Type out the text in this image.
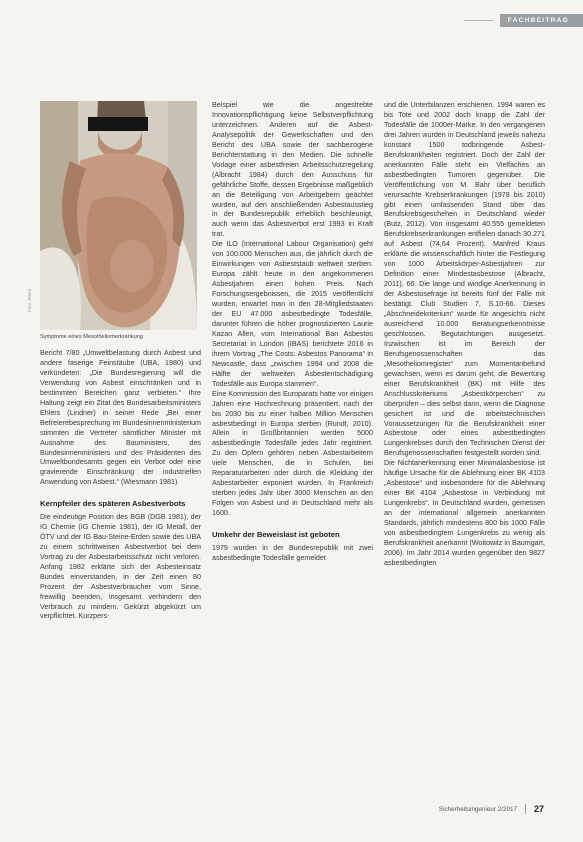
FACHBEITRAG
Foto: Privat
Symptome eines Mesotheliomerkrankung

Bericht 7/80 „Umweltbelastung durch Asbest und andere faserige Feinstäube (UBA, 1980) und verkündeten: „Die Bundesregierung will die Verwendung von Asbest einschränken und in bestimmten Bereichen ganz verbieten.“ Ihre Haltung zeigt ein Zitat des Bundesarbeitsministers Ehlers (Lindner) in seiner Rede „Bei einer Befreierebesprechung im Bundesinnenministerium stimmten die Vertreter sämtlicher Minister mit Ausnahme des Bauministers, des Bundesinnenministers und des Präsidenten des Umweltbundesamts gegen ein Verbot oder eine gravierende Einschränkung der industriellen Anwendung von Asbest.“ (Wiesmann 1981)

Kernpfeiler des späteren Asbestverbots

Die eindeutige Position des BGB (DGB 1981), der IG Chemie (IG Chemie 1981), der IG Metall, der ÖTV und der IG Bau-Steine-Erden sowie des UBA zu einem schrittweisen Asbestverbot bei dem Vortrag zu der Asbestarbeitsschutz nicht verloren. Anfang 1982 erklärte sich der Asbesteinsatz Bundes einverstanden, in der Zeit einen 80 Prozent der Asbestverbraucher vom Sinne, freiwillig beenden, insgesamt verhindern den Verbrauch zu mindern. Gekürzt abgekürzt um verpflichtet. Kurzpers-

Beispiel wie die angestrebte Innovationspflichtigung keine Selbstverpflichtung unterzeichnen. Anderen auf die Asbest-Analysepolitik der Gewerkschaften und den Bericht des UBA sowie der sachbezogene Berichterstattung in den Medien. Die schnelle Vorlage einer asbestfreien Arbeitsschutzregelung (Albracht 1984) durch den Ausschuss für gefährliche Stoffe, dessen Ergebnisse maßgeblich an die Beteiligung von Arbeitgebern geächtet wurden, auf den anschließenden Asbestausstieg in der Bundesrepublik erheblich beschleunigt, auch wenn das Asbestverbot erst 1993 in Kraft trat.

Die ILO (International Labour Organisation) geht von 100.000 Menschen aus, die jährlich durch die Einwirkungen von Asbeststaub weltweit sterben. Europa zählt heute in den angekommenen Asbestjahren einen hohen Preis. Nach Forschungsergebnissen, die 2015 veröffentlicht wurden, erwartet man in den 28-Mitgliedstaaten der EU 47.000 asbestbedingte Todesfälle, darunter führen die höher prognostizierten Laurie Kazan Allen, vom International Ban Asbestos Secretariat in London (IBAS) berichtete 2016 in ihrem Vortrag „The Costs: Asbestos Panorama“ in Newcastle, dass „zwischen 1994 und 2008 die Hälfte der weltweiten Asbestentschädigung Todesfälle aus Europa stammen“.

Eine Kommission des Europarats hatte vor einigen Jahren eine Hochrechnung präsentiert, nach der bis 2030 bis zu einer halben Million Menschen asbestbedingt in Europa sterben (Rundt, 2010). Allein in Großbritannien werden 5000 asbestbedingte Todesfälle jedes Jahr registriert. Zu den Opfern gehören neben Asbestarbeitern viele Menschen, die in Schulen, bei Reparaturarbeiten oder durch die Kleidung der Asbestarbeiter exponiert wurden. In Frankreich sterben jedes Jahr über 3000 Menschen an den Folgen von Asbest und in Deutschland mehr als 1600.

Umkehr der Beweislast ist geboten

1979 wurden in der Bundesrepublik mit zwei asbestbedingte Todesfälle gemeldet

und die Unterbilanzen erschienen. 1994 waren es bis Tote und 2002 doch knapp die Zahl der Todesfälle die 1000er-Marke. In den vergangenen drei Jahren wurden in Deutschland jeweils nahezu konstant 1500 todbringende Asbest-Berufskrankheiten registriert. Doch der Zahl der anerkannten Fälle steht ein Vielfaches an asbestbedingten Tumoren gegenüber. Die Veröffentlichung von M. Bahr über beruflich verursachte Krebserkrankungen (1978 bis 2010) gibt einen umfassenden Stand über das Berufskrebsgeschehen in Deutschland wieder (Butz, 2012). Von insgesamt 40.555 gemeldeten Berufskrebserkrankungen entfielen danach 30.271 auf Asbest (74,64 Prozent). Manfred Kraus erklärte die wissenschaftlich hinter die Festlegung von 1000 Arbeitskörper-Asbestjahren zur Definition einer Mindestasbestose (Albracht, 2011), 66. Die lange und windige Anerkennung in der Asbestosefrage ist bereits fünf der Fälle mit bestätigt. Club Studien 7, S.10-66. Dieses „Abschneidekriterium“ wurde für angesichts nicht ausreichend 10.000 Beratungserkenntnisse geschlossen. Begutachtungen ausgesetzt. Inzwischen ist im Bereich der Berufsgenossenschaften das „Mesotheliomregister“ zum Momentanbefund gewachsen, wenn es darum geht, die Bewertung einer Berufskrankheit (BK) mit Hilfe des Anschlusskriteriums „Asbestkörperchen“ zu überprüfen – dies selbst dann, wenn die Diagnose gesichert ist und die arbeitstechnischen Voraussetzungen für die Berufskrankheit einer Asbestose oder eines asbestbedingten Lungenkrebses durch den Technischen Dienst der Berufsgenossenschaften festgestellt worden sind.

Die Nichtanerkennung einer Minimalasbestose ist häufige Ursache für die Ablehnung einer BK 4103 „Asbestose“ und insbesondere für die Ablehnung einer BK 4104 „Asbestose in Verbindung mit Lungenkrebs“. In Deutschland wurden, gemessen an der international allgemein anerkannten Standards, jährlich mindestens 800 bis 1000 Fälle von asbestbedingtem Lungenkrebs zu wenig als Berufskrankheit anerkannt (Woitowitz in Baumgart, 2006). Im Jahr 2014 wurden gegenüber den 9827 asbestbedingten

Sicherheitsingenieur 2/2017 27
